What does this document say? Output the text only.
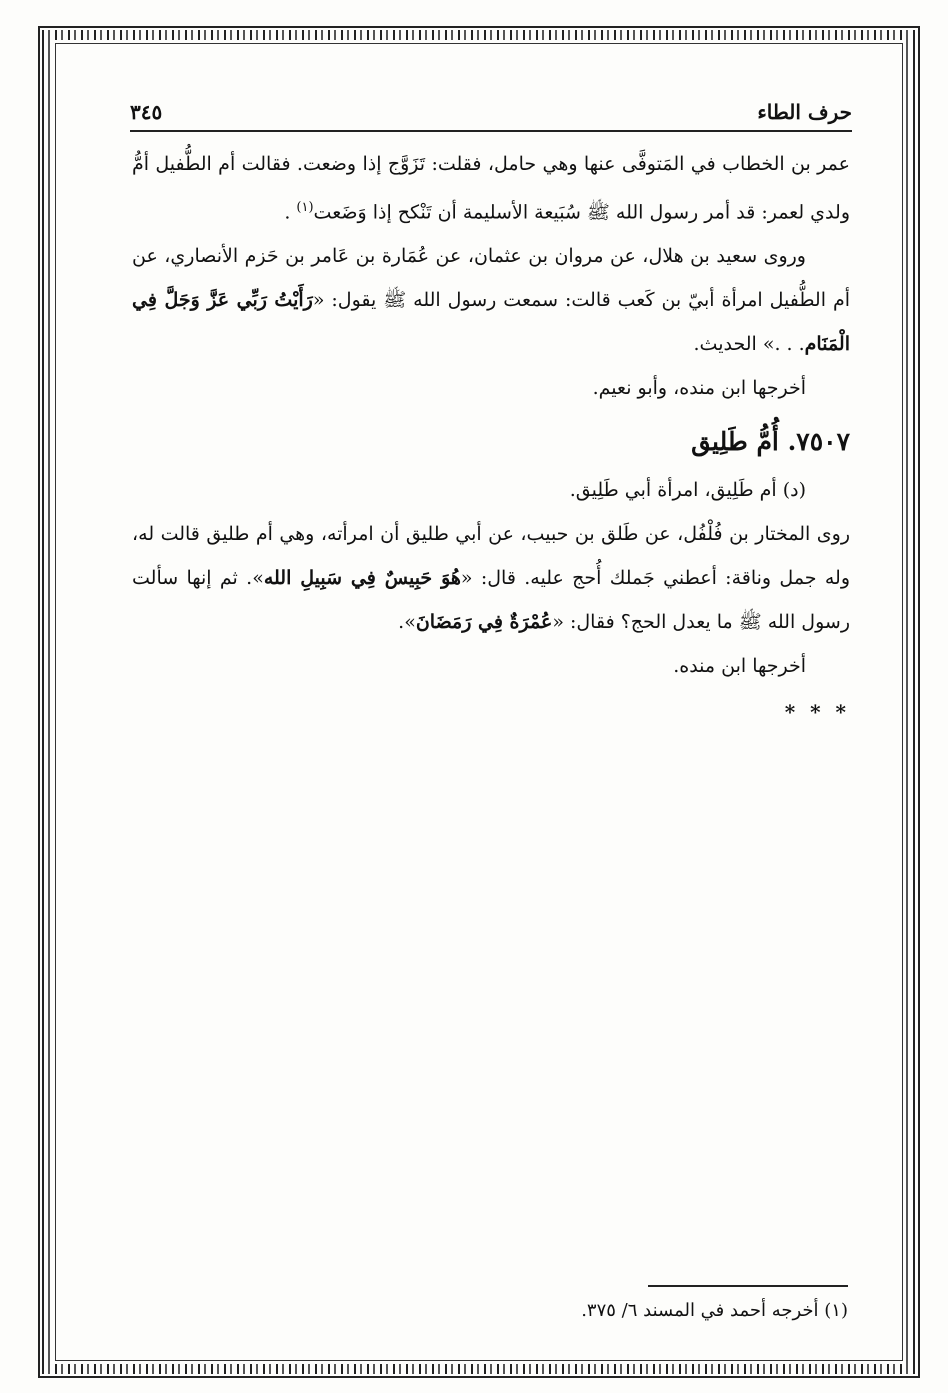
حرف الطاء
٣٤٥

عمر بن الخطاب في المَتوفَّى عنها وهي حامل، فقلت: تَزَوَّج إذا وضعت. فقالت أم الطُّفيل أمُّ ولدي لعمر: قد أمر رسول الله ﷺ سُبَيعة الأسليمة أن تَنْكح إذا وَضَعت$^{(١)}$ .

وروى سعيد بن هلال، عن مروان بن عثمان، عن عُمَارة بن عَامر بن حَزم الأنصاري، عن أم الطُّفيل امرأة أبيّ بن كَعب قالت: سمعت رسول الله ﷺ يقول: «رَأَيْتُ رَبِّي عَزَّ وَجَلَّ فِي الْمَنَام. . .» الحديث.

أخرجها ابن منده، وأبو نعيم.

٧٥٠٧. أُمُّ طَلِيق

(د) أم طَلِيق، امرأة أبي طَلِيق.

روى المختار بن فُلْفُل، عن طَلق بن حبيب، عن أبي طليق أن امرأته، وهي أم طليق قالت له، وله جمل وناقة: أعطني جَملك أُحج عليه. قال: «هُوَ حَبِيسٌ فِي سَبِيلِ الله». ثم إنها سألت رسول الله ﷺ ما يعدل الحج؟ فقال: «عُمْرَةٌ فِي رَمَضَانَ».

أخرجها ابن منده.

* * *
(١) أخرجه أحمد في المسند ٦/ ٣٧٥.
